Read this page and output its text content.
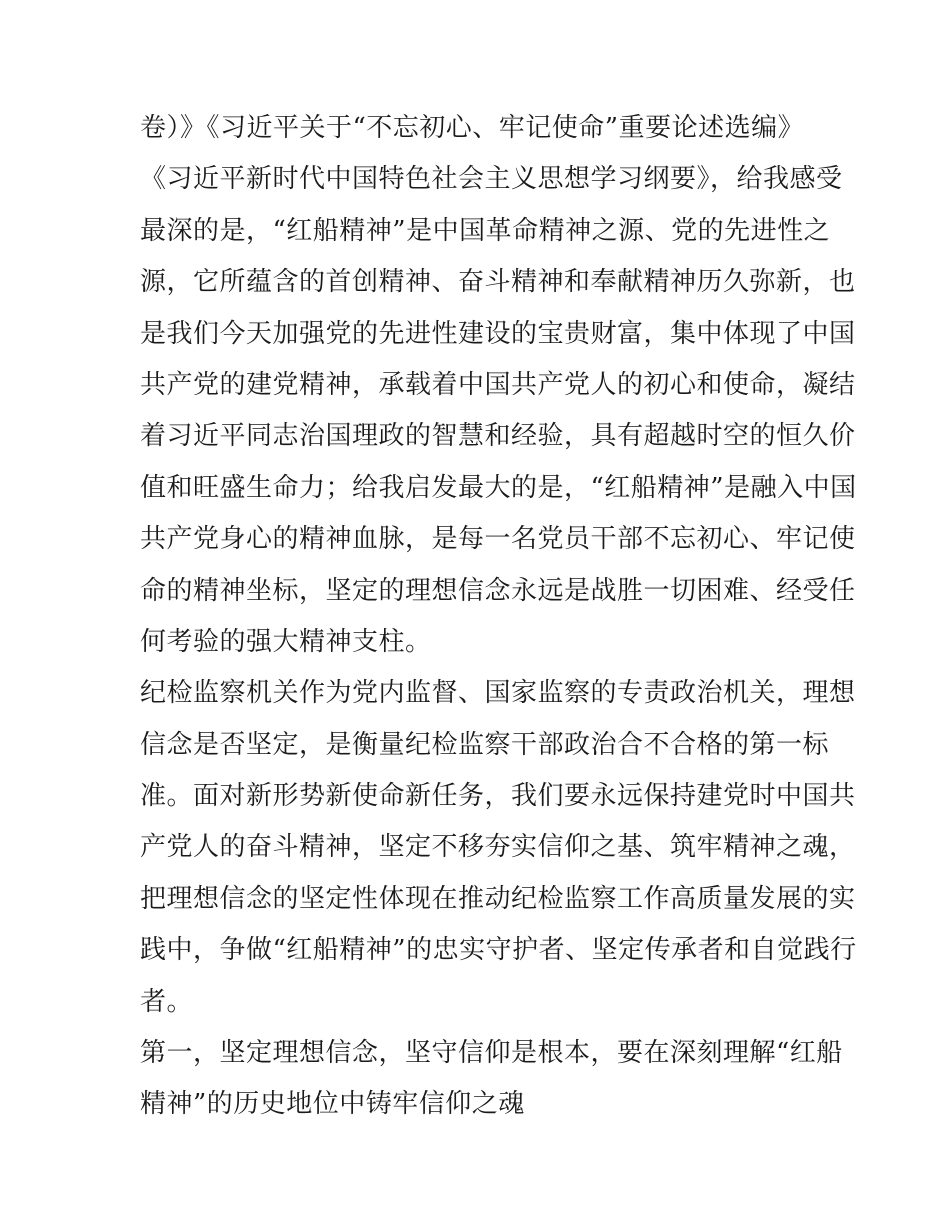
卷）》《习近平关于“不忘初心、牢记使命”重要论述选编》
《习近平新时代中国特色社会主义思想学习纲要》，给我感受
最深的是，“红船精神”是中国革命精神之源、党的先进性之
源，它所蕴含的首创精神、奋斗精神和奉献精神历久弥新，也
是我们今天加强党的先进性建设的宝贵财富，集中体现了中国
共产党的建党精神，承载着中国共产党人的初心和使命，凝结
着习近平同志治国理政的智慧和经验，具有超越时空的恒久价
值和旺盛生命力；给我启发最大的是，“红船精神”是融入中国
共产党身心的精神血脉，是每一名党员干部不忘初心、牢记使
命的精神坐标，坚定的理想信念永远是战胜一切困难、经受任
何考验的强大精神支柱。
纪检监察机关作为党内监督、国家监察的专责政治机关，理想
信念是否坚定，是衡量纪检监察干部政治合不合格的第一标
准。面对新形势新使命新任务，我们要永远保持建党时中国共
产党人的奋斗精神，坚定不移夯实信仰之基、筑牢精神之魂，
把理想信念的坚定性体现在推动纪检监察工作高质量发展的实
践中，争做“红船精神”的忠实守护者、坚定传承者和自觉践行
者。
第一，坚定理想信念，坚守信仰是根本，要在深刻理解“红船
精神”的历史地位中铸牢信仰之魂
